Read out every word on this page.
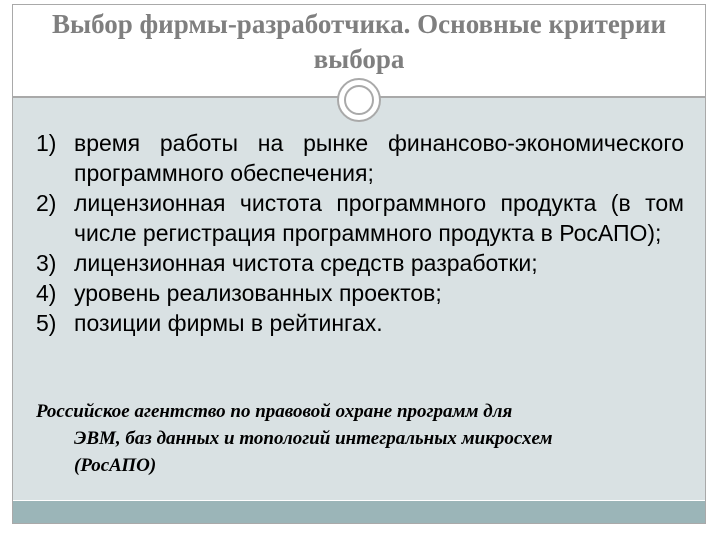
Выбор фирмы-разработчика. Основные критерии
выбора
1) время работы на рынке финансово-экономического программного обеспечения;
2) лицензионная чистота программного продукта (в том числе регистрация программного продукта в РосАПО);
3) лицензионная чистота средств разработки;
4) уровень реализованных проектов;
5) позиции фирмы в рейтингах.
Российское агентство по правовой охране программ для
ЭВМ, баз данных и топологий интегральных микросхем
(РосАПО)
